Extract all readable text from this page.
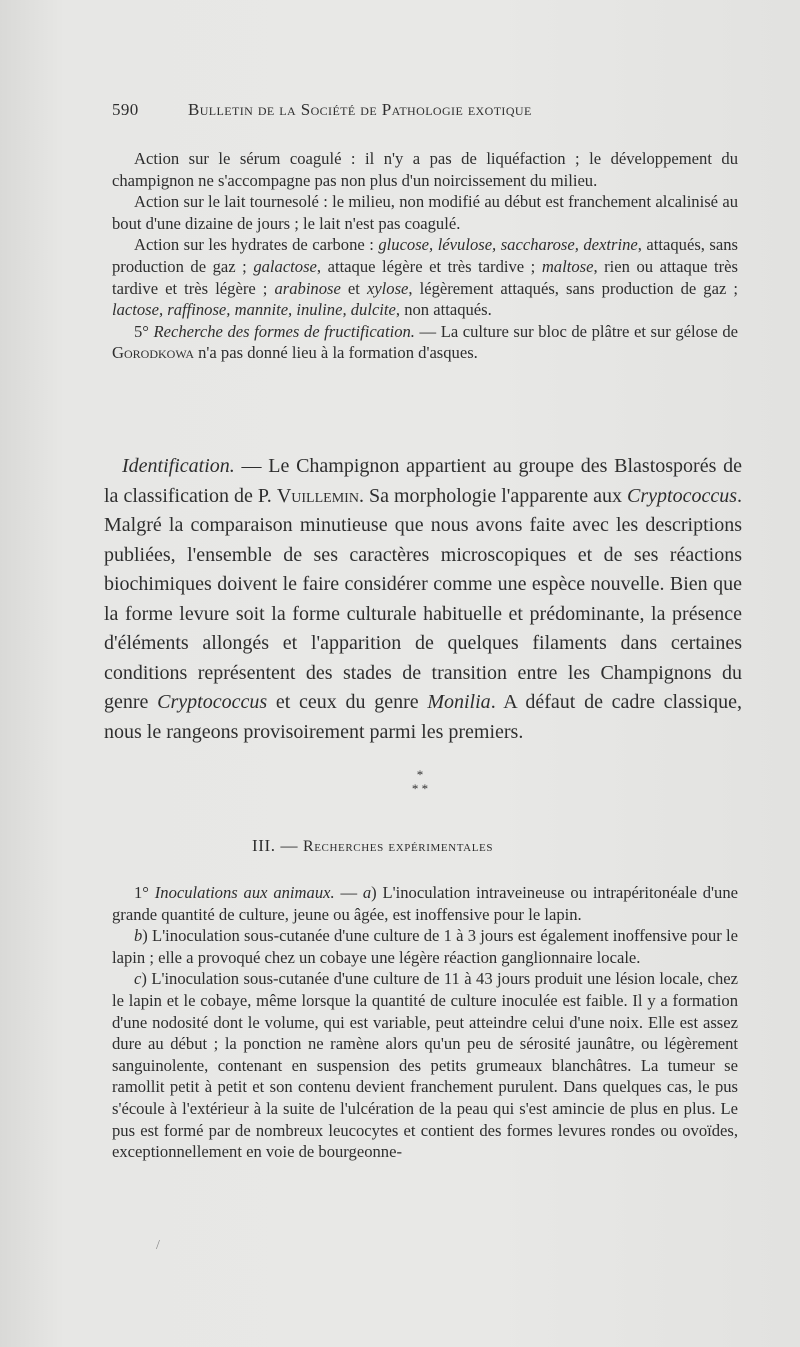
590	Bulletin de la Société de Pathologie exotique

Action sur le sérum coagulé : il n'y a pas de liquéfaction ; le développement du champignon ne s'accompagne pas non plus d'un noircissement du milieu.

Action sur le lait tournesolé : le milieu, non modifié au début est franchement alcalinisé au bout d'une dizaine de jours ; le lait n'est pas coagulé.

Action sur les hydrates de carbone : glucose, lévulose, saccharose, dextrine, attaqués, sans production de gaz ; galactose, attaque légère et très tardive ; maltose, rien ou attaque très tardive et très légère ; arabinose et xylose, légèrement attaqués, sans production de gaz ; lactose, raffinose, mannite, inuline, dulcite, non attaqués.

5° Recherche des formes de fructification. — La culture sur bloc de plâtre et sur gélose de Gorodkowa n'a pas donné lieu à la formation d'asques.

Identification. — Le Champignon appartient au groupe des Blastosporés de la classification de P. Vuillemin. Sa morphologie l'apparente aux Cryptococcus. Malgré la comparaison minutieuse que nous avons faite avec les descriptions publiées, l'ensemble de ses caractères microscopiques et de ses réactions biochimiques doivent le faire considérer comme une espèce nouvelle. Bien que la forme levure soit la forme culturale habituelle et prédominante, la présence d'éléments allongés et l'apparition de quelques filaments dans certaines conditions représentent des stades de transition entre les Champignons du genre Cryptococcus et ceux du genre Monilia. A défaut de cadre classique, nous le rangeons provisoirement parmi les premiers.

*
* *
III. — Recherches expérimentales

1° Inoculations aux animaux. — a) L'inoculation intraveineuse ou intrapéritonéale d'une grande quantité de culture, jeune ou âgée, est inoffensive pour le lapin.

b) L'inoculation sous-cutanée d'une culture de 1 à 3 jours est également inoffensive pour le lapin ; elle a provoqué chez un cobaye une légère réaction ganglionnaire locale.

c) L'inoculation sous-cutanée d'une culture de 11 à 43 jours produit une lésion locale, chez le lapin et le cobaye, même lorsque la quantité de culture inoculée est faible. Il y a formation d'une nodosité dont le volume, qui est variable, peut atteindre celui d'une noix. Elle est assez dure au début ; la ponction ne ramène alors qu'un peu de sérosité jaunâtre, ou légèrement sanguinolente, contenant en suspension des petits grumeaux blanchâtres. La tumeur se ramollit petit à petit et son contenu devient franchement purulent. Dans quelques cas, le pus s'écoule à l'extérieur à la suite de l'ulcération de la peau qui s'est amincie de plus en plus. Le pus est formé par de nombreux leucocytes et contient des formes levures rondes ou ovoïdes, exceptionnellement en voie de bourgeonne-

/
